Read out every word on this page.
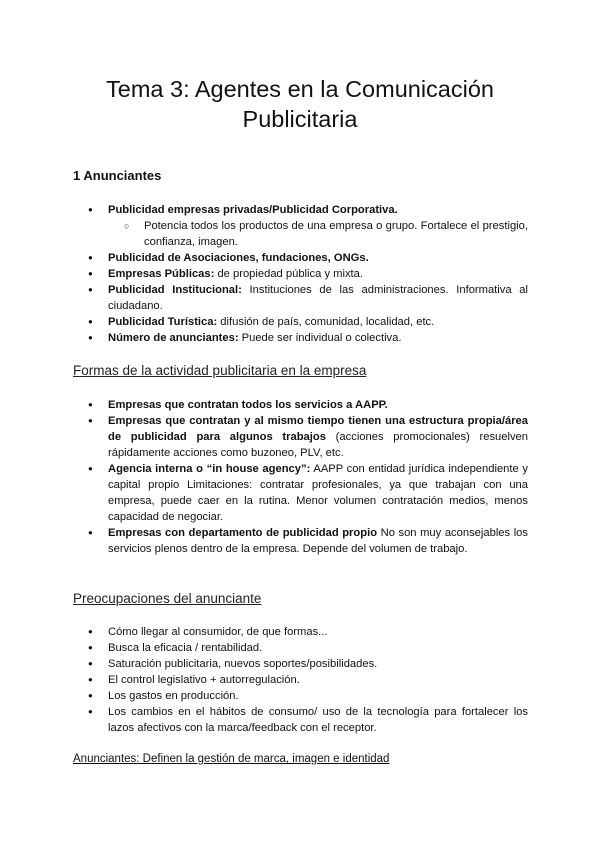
Tema 3: Agentes en la Comunicación
Publicitaria
1 Anunciantes
● Publicidad empresas privadas/Publicidad Corporativa.
○ Potencia todos los productos de una empresa o grupo. Fortalece el prestigio, confianza, imagen.
● Publicidad de Asociaciones, fundaciones, ONGs.
● Empresas Públicas: de propiedad pública y mixta.
● Publicidad Institucional: Instituciones de las administraciones. Informativa al ciudadano.
● Publicidad Turística: difusión de país, comunidad, localidad, etc.
● Número de anunciantes: Puede ser individual o colectiva.
Formas de la actividad publicitaria en la empresa
● Empresas que contratan todos los servicios a AAPP.
● Empresas que contratan y al mismo tiempo tienen una estructura propia/área de publicidad para algunos trabajos (acciones promocionales) resuelven rápidamente acciones como buzoneo, PLV, etc.
● Agencia interna o “in house agency”: AAPP con entidad jurídica independiente y capital propio Limitaciones: contratar profesionales, ya que trabajan con una empresa, puede caer en la rutina. Menor volumen contratación medios, menos capacidad de negociar.
● Empresas con departamento de publicidad propio No son muy aconsejables los servicios plenos dentro de la empresa. Depende del volumen de trabajo.
Preocupaciones del anunciante
● Cómo llegar al consumidor, de que formas...
● Busca la eficacia / rentabilidad.
● Saturación publicitaria, nuevos soportes/posibilidades.
● El control legislativo + autorregulación.
● Los gastos en producción.
● Los cambios en el hábitos de consumo/ uso de la tecnología para fortalecer los lazos afectivos con la marca/feedback con el receptor.
Anunciantes: Definen la gestión de marca, imagen e identidad
